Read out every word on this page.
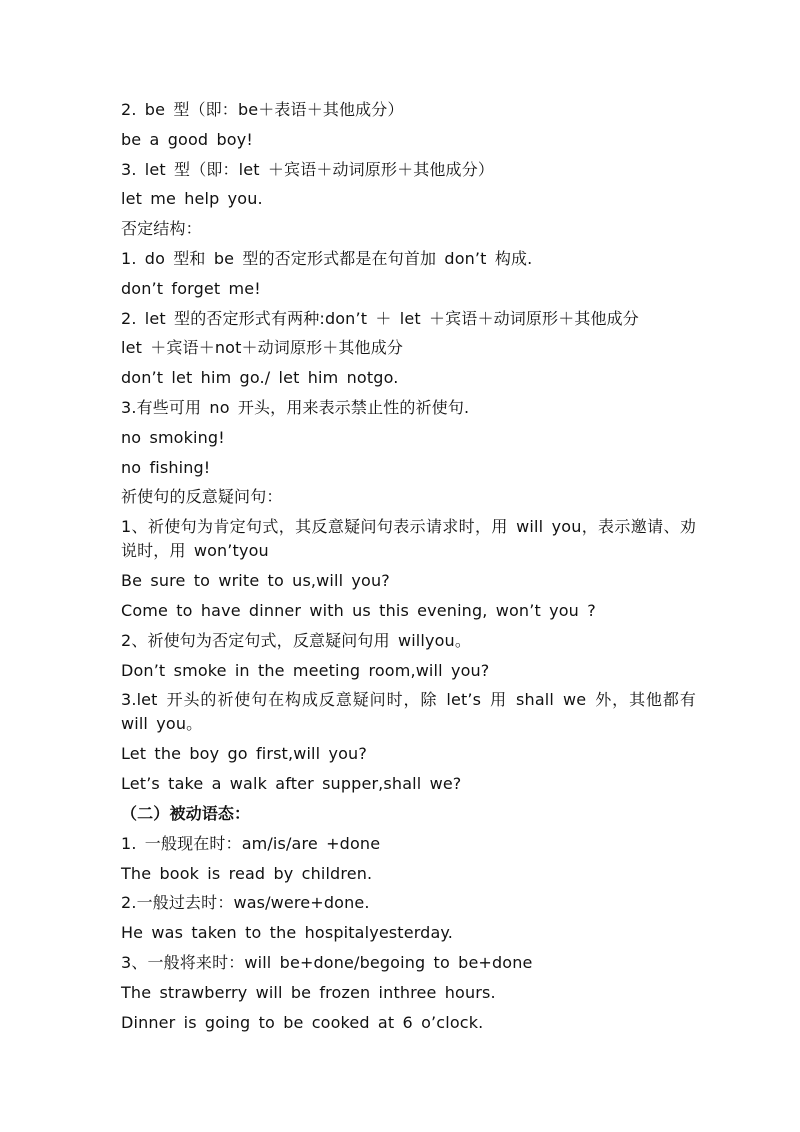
2. be 型（即：be＋表语＋其他成分）

be a good boy!

3. let 型（即：let ＋宾语＋动词原形＋其他成分）

let me help you.

否定结构：

1. do 型和 be 型的否定形式都是在句首加 don’t 构成.

don’t forget me!

2. let 型的否定形式有两种:don’t ＋ let ＋宾语＋动词原形＋其他成分

let ＋宾语＋not＋动词原形＋其他成分

don’t let him go./ let him notgo.

3.有些可用 no 开头，用来表示禁止性的祈使句.

no smoking!

no fishing!

祈使句的反意疑问句：

1、祈使句为肯定句式，其反意疑问句表示请求时，用 will you，表示邀请、劝说时，用 won’tyou

Be sure to write to us,will you?

Come to have dinner with us this evening, won’t you ?

2、祈使句为否定句式，反意疑问句用 willyou。

Don’t smoke in the meeting room,will you?

3.let 开头的祈使句在构成反意疑问时，除 let’s 用 shall we 外，其他都有 will you。

Let the boy go first,will you?

Let’s take a walk after supper,shall we?

（二）被动语态：

1. 一般现在时：am/is/are +done

The book is read by children.

2.一般过去时：was/were+done.

He was taken to the hospitalyesterday.

3、一般将来时：will be+done/begoing to be+done

The strawberry will be frozen inthree hours.

Dinner is going to be cooked at 6 o’clock.
